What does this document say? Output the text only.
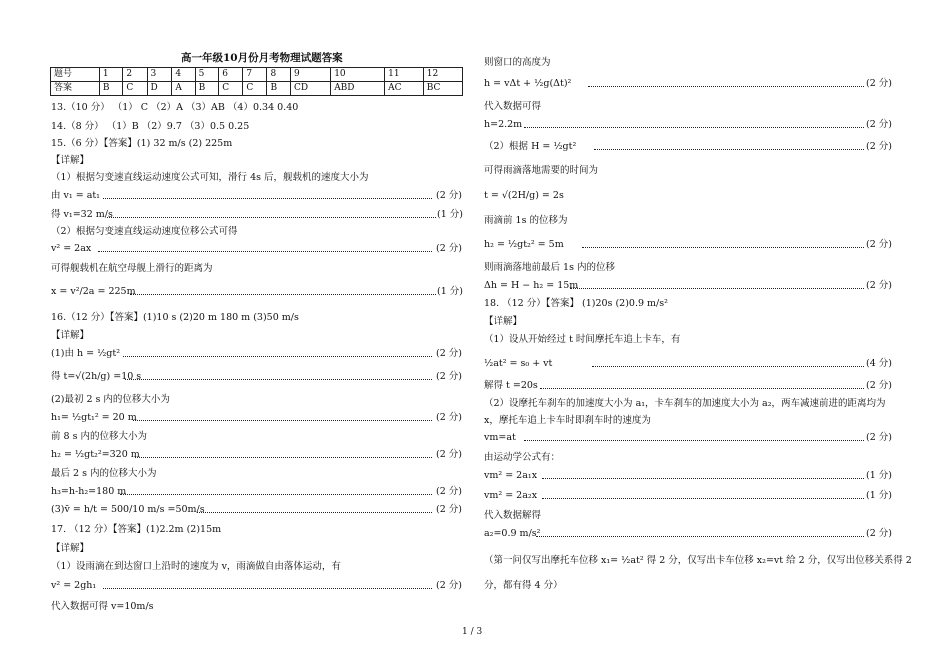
高一年级10月份月考物理试题答案
题号	1	2	3	4	5	6	7	8	9	10	11	12
答案	B	C	D	A	B	C	C	B	CD	ABD	AC	BC
13.（10 分） （1） C （2）A （3）AB （4）0.34 0.40
14.（8 分） （1）B （2）9.7 （3）0.5 0.25
15.（6 分）【答案】(1) 32 m/s (2) 225m
【详解】
（1）根据匀变速直线运动速度公式可知，滑行 4s 后，舰载机的速度大小为
由 v₁ = at₁	(2 分)
得 v₁=32 m/s	(1 分)
（2）根据匀变速直线运动速度位移公式可得
v² = 2ax	(2 分)
可得舰载机在航空母舰上滑行的距离为
x = v²/2a = 225m	(1 分)
16.（12 分）【答案】(1)10 s (2)20 m 180 m (3)50 m/s
【详解】
(1)由 h = ½gt²	(2 分)
得 t=√(2h/g) =10 s	(2 分)
(2)最初 2 s 内的位移大小为
h₁= ½gt₁² = 20 m	(2 分)
前 8 s 内的位移大小为
h₂ = ½gt₂²=320 m	(2 分)
最后 2 s 内的位移大小为
h₃=h-h₂=180 m	(2 分)
(3)v̄ = h/t = 500/10 m/s =50m/s	(2 分)
17. （12 分）【答案】(1)2.2m (2)15m
【详解】
（1）设雨滴在到达窗口上沿时的速度为 v，雨滴做自由落体运动，有
v² = 2gh₁	(2 分)
代入数据可得 v=10m/s
则窗口的高度为
h = vΔt + ½g(Δt)²	(2 分)
代入数据可得
h=2.2m	(2 分)
（2）根据 H = ½gt²	(2 分)
可得雨滴落地需要的时间为
t = √(2H/g) = 2s
雨滴前 1s 的位移为
h₂ = ½gt₂² = 5m	(2 分)
则雨滴落地前最后 1s 内的位移
Δh = H − h₂ = 15m	(2 分)
18. （12 分）【答案】 (1)20s (2)0.9 m/s²
【详解】
（1）设从开始经过 t 时间摩托车追上卡车，有
½at² = s₀ + vt	(4 分)
解得 t =20s	(2 分)
（2）设摩托车刹车的加速度大小为 a₁，卡车刹车的加速度大小为 a₂，两车减速前进的距离均为
x，摩托车追上卡车时即刹车时的速度为
vm=at	(2 分)
由运动学公式有：
vm² = 2a₁x	(1 分)
vm² = 2a₂x	(1 分)
代入数据解得
a₂=0.9 m/s²	(2 分)
（第一问仅写出摩托车位移 x₁= ½at² 得 2 分，仅写出卡车位移 x₂=vt 给 2 分，仅写出位移关系得 2
分，都有得 4 分）
1 / 3
